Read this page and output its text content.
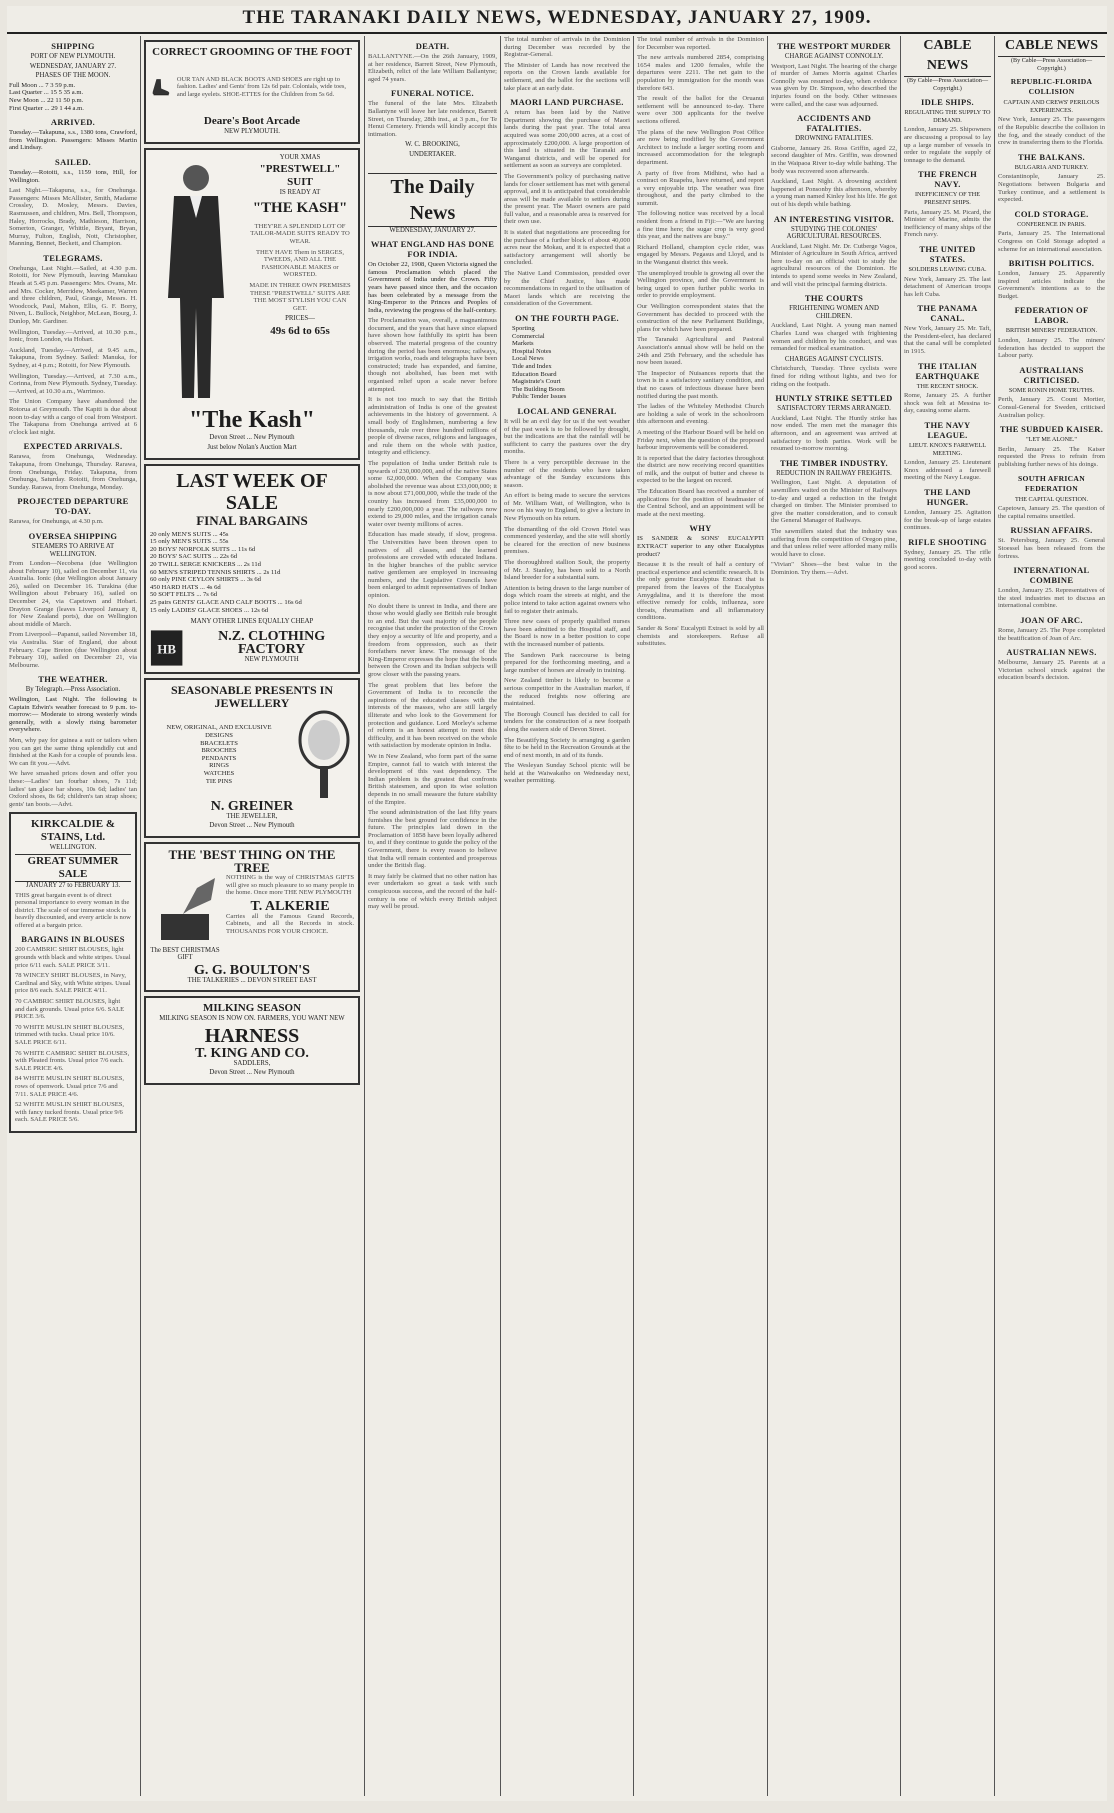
THE TARANAKI DAILY NEWS, WEDNESDAY, JANUARY 27, 1909.
SHIPPING
PORT OF NEW PLYMOUTH.
WEDNESDAY, JANUARY 27.
PHASES OF THE MOON.
Full Moon ... 7 3 59 p.m.
Last Quarter ... 15 5 35 a.m.
New Moon ... 22 11 50 p.m.
First Quarter ... 29 1 44 a.m.
ARRIVED.

Tuesday.—Takapuna, s.s., 1380 tons, Crawford, from Wellington. Passengers: Misses Martin and Lindsay.

SAILED.

Tuesday.—Rotoiti, s.s., 1159 tons, Hill, for Wellington.

Last Night.—Takapuna, s.s., for Onehunga. Passengers: Misses McAllister, Smith, Madame Crossley, D. Mosley, Messrs. Davies, Rasmussen, and children, Mrs. Bell, Thompson, Haley, Horrocks, Brady, Mathieson, Harrison, Somerton, Granger, Whittle, Bryant, Bryan, Murray, Fulton, English, Nott, Christopher, Manning, Bennet, Beckett, and Champion.

TELEGRAMS.

Onehunga, Last Night.—Sailed, at 4.30 p.m. Rotoiti, for New Plymouth, leaving Manukau Heads at 5.45 p.m. Passengers: Mrs. Ovans, Mr. and Mrs. Cocker, Merridew, Meekamer, Warren and three children, Paul, Grange, Messrs. H. Woodcock, Paul, Mahon, Ellis, G. F. Borry, Niven, L. Bullock, Neighbor, McLean, Bourg, J. Dunlop, Mr. Gardiner.

Wellington, Tuesday.—Arrived, at 10.30 p.m., Ionic, from London, via Hobart.

Auckland, Tuesday.—Arrived, at 9.45 a.m., Takapuna, from Sydney. Sailed: Manuka, for Sydney, at 4 p.m.; Rotoiti, for New Plymouth.

Wellington, Tuesday.—Arrived, at 7.30 a.m., Corinna, from New Plymouth. Sydney, Tuesday.—Arrived, at 10.30 a.m., Warrimoo.

The Union Company have abandoned the Rotorua at Greymouth. The Kapiti is due about noon to-day with a cargo of coal from Westport. The Takapuna from Onehunga arrived at 6 o'clock last night.

EXPECTED ARRIVALS.

Rarawa, from Onehunga, Wednesday. Takapuna, from Onehunga, Thursday. Rarawa, from Onehunga, Friday. Takapuna, from Onehunga, Saturday. Rotoiti, from Onehunga, Sunday. Rarawa, from Onehunga, Monday.

PROJECTED DEPARTURE TO-DAY.

Rarawa, for Onehunga, at 4.30 p.m.

OVERSEA SHIPPING
STEAMERS TO ARRIVE AT WELLINGTON.

From London—Necobena (due Wellington about February 10), sailed on December 11, via Australia. Ionic (due Wellington about January 26), sailed on December 16. Turakina (due Wellington about February 16), sailed on December 24, via Capetown and Hobart. Drayton Grange (leaves Liverpool January 8, for New Zealand ports), due on Wellington about middle of March.

From Liverpool—Papanui, sailed November 18, via Australia. Star of England, due about February. Cape Breton (due Wellington about February 10), sailed on December 21, via Melbourne.

THE WEATHER.
By Telegraph.—Press Association.

Wellington, Last Night. The following is Captain Edwin's weather forecast to 9 p.m. to-morrow:— Moderate to strong westerly winds generally, with a slowly rising barometer everywhere.

Men, why pay for guinea a suit or tailors when you can get the same thing splendidly cut and finished at the Kash for a couple of pounds less. We can fit you.—Advt.

We have smashed prices down and offer you these:—Ladies' tan fourbar shoes, 7s 11d; ladies' tan glace bar shoes, 10s 6d; ladies' tan Oxford shoes, 8s 6d; children's tan strap shoes; gents' tan boots.—Advt.

KIRKCALDIE & STAINS, Ltd.
WELLINGTON.
GREAT SUMMER SALE
JANUARY 27 to FEBRUARY 13.

THIS great bargain event is of direct personal importance to every woman in the district. The scale of our immense stock is heavily discounted, and every article is now offered at a bargain price.

BARGAINS IN BLOUSES

200 CAMBRIC SHIRT BLOUSES, light grounds with black and white stripes. Usual price 6/11 each. SALE PRICE 3/11.

78 WINCEY SHIRT BLOUSES, in Navy, Cardinal and Sky, with White stripes. Usual price 8/6 each. SALE PRICE 4/11.

70 CAMBRIC SHIRT BLOUSES, light and dark grounds. Usual price 6/6. SALE PRICE 3/6.

70 WHITE MUSLIN SHIRT BLOUSES, trimmed with tucks. Usual price 10/6. SALE PRICE 6/11.

76 WHITE CAMBRIC SHIRT BLOUSES, with Pleated fronts. Usual price 7/6 each. SALE PRICE 4/6.

84 WHITE MUSLIN SHIRT BLOUSES, rows of openwork. Usual price 7/6 and 7/11. SALE PRICE 4/6.

52 WHITE MUSLIN SHIRT BLOUSES, with fancy tucked fronts. Usual price 9/6 each. SALE PRICE 5/6.

CORRECT GROOMING OF THE FOOT
OUR TAN AND BLACK BOOTS AND SHOES are right up to fashion. Ladies' and Gents' from 12s 6d pair. Colonials, wide toes, and large eyelets. SHOE-ETTES for the Children from 5s 6d.
Deare's Boot Arcade
NEW PLYMOUTH.
YOUR XMAS
"PRESTWELL"
SUIT
IS READY AT
"THE KASH"

THEY'RE A SPLENDID LOT OF TAILOR-MADE SUITS READY TO WEAR.

THEY HAVE Them in SERGES, TWEEDS, AND ALL THE FASHIONABLE MAKES or WORSTED.

MADE IN THREE OWN PREMISES THESE "PRESTWELL" SUITS ARE THE MOST STYLISH YOU CAN GET.

PRICES—
49s 6d to 65s
"The Kash"
Devon Street ... New Plymouth
Just below Nolan's Auction Mart
LAST WEEK OF SALE
FINAL BARGAINS
20 only MEN'S SUITS ... 45s
15 only MEN'S SUITS ... 55s
20 BOYS' NORFOLK SUITS ... 11s 6d
20 BOYS' SAC SUITS ... 22s 6d
20 TWILL SERGE KNICKERS ... 2s 11d
60 MEN'S STRIPED TENNIS SHIRTS ... 2s 11d
60 only PINE CEYLON SHIRTS ... 3s 6d
450 HARD HATS ... 4s 6d
50 SOFT FELTS ... 7s 6d
25 pairs GENTS' GLACE AND CALF BOOTS ... 16s 6d
15 only LADIES' GLACE SHOES ... 12s 6d
MANY OTHER LINES EQUALLY CHEAP
HB
N.Z. CLOTHING FACTORY
NEW PLYMOUTH
SEASONABLE PRESENTS IN JEWELLERY
NEW, ORIGINAL, AND EXCLUSIVE
DESIGNS
BRACELETS
BROOCHES
PENDANTS
RINGS
WATCHES
TIE PINS
N. GREINER
THE JEWELLER,
Devon Street ... New Plymouth
THE 'BEST THING ON THE TREE
The BEST CHRISTMAS GIFT

NOTHING is the way of CHRISTMAS GIFTS will give so much pleasure to so many people in the home. Once more THE NEW PLYMOUTH

T. ALKERIE

Carries all the Famous Grand Records, Cabinets, and all the Records in stock. THOUSANDS FOR YOUR CHOICE.

G. G. BOULTON'S
THE TALKERIES ... DEVON STREET EAST
MILKING SEASON
MILKING SEASON IS NOW ON. FARMERS, YOU WANT NEW
HARNESS
T. KING AND CO.
SADDLERS,
Devon Street ... New Plymouth
DEATH.

BALLANTYNE.—On the 26th January, 1909, at her residence, Barrett Street, New Plymouth, Elizabeth, relict of the late William Ballantyne; aged 74 years.

FUNERAL NOTICE.

The funeral of the late Mrs. Elizabeth Ballantyne will leave her late residence, Barrett Street, on Thursday, 28th inst., at 3 p.m., for Te Henui Cemetery. Friends will kindly accept this intimation.

W. C. BROOKING,
UNDERTAKER.
The Daily News
WEDNESDAY, JANUARY 27.
WHAT ENGLAND HAS DONE FOR INDIA.

On October 22, 1908, Queen Victoria signed the famous Proclamation which placed the Government of India under the Crown. Fifty years have passed since then, and the occasion has been celebrated by a message from the King-Emperor to the Princes and Peoples of India, reviewing the progress of the half-century.

The Proclamation was, overall, a magnanimous document, and the years that have since elapsed have shown how faithfully its spirit has been observed. The material progress of the country during the period has been enormous; railways, irrigation works, roads and telegraphs have been constructed; trade has expanded, and famine, though not abolished, has been met with organised relief upon a scale never before attempted.

It is not too much to say that the British administration of India is one of the greatest achievements in the history of government. A small body of Englishmen, numbering a few thousands, rule over three hundred millions of people of diverse races, religions and languages, and rule them on the whole with justice, integrity and efficiency.

The population of India under British rule is upwards of 230,000,000, and of the native States some 62,000,000. When the Company was abolished the revenue was about £33,000,000; it is now about £71,000,000, while the trade of the country has increased from £35,000,000 to nearly £200,000,000 a year. The railways now extend to 29,000 miles, and the irrigation canals water over twenty millions of acres.

Education has made steady, if slow, progress. The Universities have been thrown open to natives of all classes, and the learned professions are crowded with educated Indians. In the higher branches of the public service native gentlemen are employed in increasing numbers, and the Legislative Councils have been enlarged to admit representatives of Indian opinion.

No doubt there is unrest in India, and there are those who would gladly see British rule brought to an end. But the vast majority of the people recognise that under the protection of the Crown they enjoy a security of life and property, and a freedom from oppression, such as their forefathers never knew. The message of the King-Emperor expresses the hope that the bonds between the Crown and its Indian subjects will grow closer with the passing years.

The great problem that lies before the Government of India is to reconcile the aspirations of the educated classes with the interests of the masses, who are still largely illiterate and who look to the Government for protection and guidance. Lord Morley's scheme of reform is an honest attempt to meet this difficulty, and it has been received on the whole with satisfaction by moderate opinion in India.

We in New Zealand, who form part of the same Empire, cannot fail to watch with interest the development of this vast dependency. The Indian problem is the greatest that confronts British statesmen, and upon its wise solution depends in no small measure the future stability of the Empire.

The sound administration of the last fifty years furnishes the best ground for confidence in the future. The principles laid down in the Proclamation of 1858 have been loyally adhered to, and if they continue to guide the policy of the Government, there is every reason to believe that India will remain contented and prosperous under the British flag.

It may fairly be claimed that no other nation has ever undertaken so great a task with such conspicuous success, and the record of the half-century is one of which every British subject may well be proud.

The total number of arrivals in the Dominion during December was recorded by the Registrar-General.

The Minister of Lands has now received the reports on the Crown lands available for settlement, and the ballot for the sections will take place at an early date.

MAORI LAND PURCHASE.

A return has been laid by the Native Department showing the purchase of Maori lands during the past year. The total area acquired was some 200,000 acres, at a cost of approximately £200,000. A large proportion of this land is situated in the Taranaki and Wanganui districts, and will be opened for settlement as soon as surveys are completed.

The Government's policy of purchasing native lands for closer settlement has met with general approval, and it is anticipated that considerable areas will be made available to settlers during the present year. The Maori owners are paid full value, and a reasonable area is reserved for their own use.

It is stated that negotiations are proceeding for the purchase of a further block of about 40,000 acres near the Mokau, and it is expected that a satisfactory arrangement will shortly be concluded.

The Native Land Commission, presided over by the Chief Justice, has made recommendations in regard to the utilisation of Maori lands which are receiving the consideration of the Government.

ON THE FOURTH PAGE.
Sporting
Commercial
Markets
Hospital Notes
Local News
Tide and Index
Education Board
Magistrate's Court
The Building Boom
Public Tender Issues
LOCAL AND GENERAL

It will be an evil day for us if the wet weather of the past week is to be followed by drought, but the indications are that the rainfall will be sufficient to carry the pastures over the dry months.

There is a very perceptible decrease in the number of the residents who have taken advantage of the Sunday excursions this season.

An effort is being made to secure the services of Mr. William Watt, of Wellington, who is now on his way to England, to give a lecture in New Plymouth on his return.

The dismantling of the old Crown Hotel was commenced yesterday, and the site will shortly be cleared for the erection of new business premises.

The thoroughbred stallion Soult, the property of Mr. J. Stanley, has been sold to a North Island breeder for a substantial sum.

Attention is being drawn to the large number of dogs which roam the streets at night, and the police intend to take action against owners who fail to register their animals.

Three new cases of properly qualified nurses have been admitted to the Hospital staff, and the Board is now in a better position to cope with the increased number of patients.

The Sandown Park racecourse is being prepared for the forthcoming meeting, and a large number of horses are already in training.

New Zealand timber is likely to become a serious competitor in the Australian market, if the reduced freights now offering are maintained.

The Borough Council has decided to call for tenders for the construction of a new footpath along the eastern side of Devon Street.

The Beautifying Society is arranging a garden fête to be held in the Recreation Grounds at the end of next month, in aid of its funds.

The Wesleyan Sunday School picnic will be held at the Waiwakaiho on Wednesday next, weather permitting.

The total number of arrivals in the Dominion for December was reported.

The new arrivals numbered 2854, comprising 1654 males and 1200 females, while the departures were 2211. The net gain to the population by immigration for the month was therefore 643.

The result of the ballot for the Oruanui settlement will be announced to-day. There were over 300 applicants for the twelve sections offered.

The plans of the new Wellington Post Office are now being modified by the Government Architect to include a larger sorting room and increased accommodation for the telegraph department.

A party of five from Midhirst, who had a contract on Ruapehu, have returned, and report a very enjoyable trip. The weather was fine throughout, and the party climbed to the summit.

The following notice was received by a local resident from a friend in Fiji:—"We are having a fine time here; the sugar crop is very good this year, and the natives are busy."

Richard Holland, champion cycle rider, was engaged by Messrs. Pegasus and Lloyd, and is in the Wanganui district this week.

The unemployed trouble is growing all over the Wellington province, and the Government is being urged to open further public works in order to provide employment.

Our Wellington correspondent states that the Government has decided to proceed with the construction of the new Parliament Buildings, plans for which have been prepared.

The Taranaki Agricultural and Pastoral Association's annual show will be held on the 24th and 25th February, and the schedule has now been issued.

The Inspector of Nuisances reports that the town is in a satisfactory sanitary condition, and that no cases of infectious disease have been notified during the past month.

The ladies of the Whiteley Methodist Church are holding a sale of work in the schoolroom this afternoon and evening.

A meeting of the Harbour Board will be held on Friday next, when the question of the proposed harbour improvements will be considered.

It is reported that the dairy factories throughout the district are now receiving record quantities of milk, and the output of butter and cheese is expected to be the largest on record.

The Education Board has received a number of applications for the position of headmaster of the Central School, and an appointment will be made at the next meeting.

WHY

IS SANDER & SONS' EUCALYPTI EXTRACT superior to any other Eucalyptus product?

Because it is the result of half a century of practical experience and scientific research. It is the only genuine Eucalyptus Extract that is prepared from the leaves of the Eucalyptus Amygdalina, and it is therefore the most effective remedy for colds, influenza, sore throats, rheumatism and all inflammatory conditions.

Sander & Sons' Eucalypti Extract is sold by all chemists and storekeepers. Refuse all substitutes.

THE WESTPORT MURDER
CHARGE AGAINST CONNOLLY.

Westport, Last Night. The hearing of the charge of murder of James Morris against Charles Connolly was resumed to-day, when evidence was given by Dr. Simpson, who described the injuries found on the body. Other witnesses were called, and the case was adjourned.

ACCIDENTS AND FATALITIES.
DROWNING FATALITIES.

Gisborne, January 26. Ross Griffin, aged 22, second daughter of Mrs. Griffin, was drowned in the Waipaoa River to-day while bathing. The body was recovered soon afterwards.

Auckland, Last Night. A drowning accident happened at Ponsonby this afternoon, whereby a young man named Kinley lost his life. He got out of his depth while bathing.

AN INTERESTING VISITOR.
STUDYING THE COLONIES' AGRICULTURAL RESOURCES.

Auckland, Last Night. Mr. Dr. Cutberge Vagos, Minister of Agriculture in South Africa, arrived here to-day on an official visit to study the agricultural resources of the Dominion. He intends to spend some weeks in New Zealand, and will visit the principal farming districts.

THE COURTS
FRIGHTENING WOMEN AND CHILDREN.

Auckland, Last Night. A young man named Charles Lund was charged with frightening women and children by his conduct, and was remanded for medical examination.

CHARGES AGAINST CYCLISTS.

Christchurch, Tuesday. Three cyclists were fined for riding without lights, and two for riding on the footpath.

HUNTLY STRIKE SETTLED
SATISFACTORY TERMS ARRANGED.

Auckland, Last Night. The Huntly strike has now ended. The men met the manager this afternoon, and an agreement was arrived at satisfactory to both parties. Work will be resumed to-morrow morning.

THE TIMBER INDUSTRY.
REDUCTION IN RAILWAY FREIGHTS.

Wellington, Last Night. A deputation of sawmillers waited on the Minister of Railways to-day and urged a reduction in the freight charged on timber. The Minister promised to give the matter consideration, and to consult the General Manager of Railways.

The sawmillers stated that the industry was suffering from the competition of Oregon pine, and that unless relief were afforded many mills would have to close.

"Vivian" Shoes—the best value in the Dominion. Try them.—Advt.

CABLE NEWS
(By Cable—Press Association—Copyright.)
IDLE SHIPS.
REGULATING THE SUPPLY TO DEMAND.

London, January 25. Shipowners are discussing a proposal to lay up a large number of vessels in order to regulate the supply of tonnage to the demand.

THE FRENCH NAVY.
INEFFICIENCY OF THE PRESENT SHIPS.

Paris, January 25. M. Picard, the Minister of Marine, admits the inefficiency of many ships of the French navy.

THE UNITED STATES.
SOLDIERS LEAVING CUBA.

New York, January 25. The last detachment of American troops has left Cuba.

THE PANAMA CANAL.

New York, January 25. Mr. Taft, the President-elect, has declared that the canal will be completed in 1915.

THE ITALIAN EARTHQUAKE
THE RECENT SHOCK.

Rome, January 25. A further shock was felt at Messina to-day, causing some alarm.

THE NAVY LEAGUE.
LIEUT. KNOX'S FAREWELL MEETING.

London, January 25. Lieutenant Knox addressed a farewell meeting of the Navy League.

THE LAND HUNGER.

London, January 25. Agitation for the break-up of large estates continues.

RIFLE SHOOTING

Sydney, January 25. The rifle meeting concluded to-day with good scores.

CABLE NEWS
(By Cable—Press Association—Copyright.)
REPUBLIC-FLORIDA COLLISION
CAPTAIN AND CREWS' PERILOUS EXPERIENCES.

New York, January 25. The passengers of the Republic describe the collision in the fog, and the steady conduct of the crew in transferring them to the Florida.

THE BALKANS.
BULGARIA AND TURKEY.

Constantinople, January 25. Negotiations between Bulgaria and Turkey continue, and a settlement is expected.

COLD STORAGE.
CONFERENCE IN PARIS.

Paris, January 25. The International Congress on Cold Storage adopted a scheme for an international association.

BRITISH POLITICS.

London, January 25. Apparently inspired articles indicate the Government's intentions as to the Budget.

FEDERATION OF LABOR.
BRITISH MINERS' FEDERATION.

London, January 25. The miners' federation has decided to support the Labour party.

AUSTRALIANS CRITICISED.
SOME RONIN HOME TRUTHS.

Perth, January 25. Count Mortier, Consul-General for Sweden, criticised Australian policy.

THE SUBDUED KAISER.
"LET ME ALONE."

Berlin, January 25. The Kaiser requested the Press to refrain from publishing further news of his doings.

SOUTH AFRICAN FEDERATION
THE CAPITAL QUESTION.

Capetown, January 25. The question of the capital remains unsettled.

RUSSIAN AFFAIRS.

St. Petersburg, January 25. General Stoessel has been released from the fortress.

INTERNATIONAL COMBINE

London, January 25. Representatives of the steel industries met to discuss an international combine.

JOAN OF ARC.

Rome, January 25. The Pope completed the beatification of Joan of Arc.

AUSTRALIAN NEWS.

Melbourne, January 25. Parents at a Victorian school struck against the education board's decision.
